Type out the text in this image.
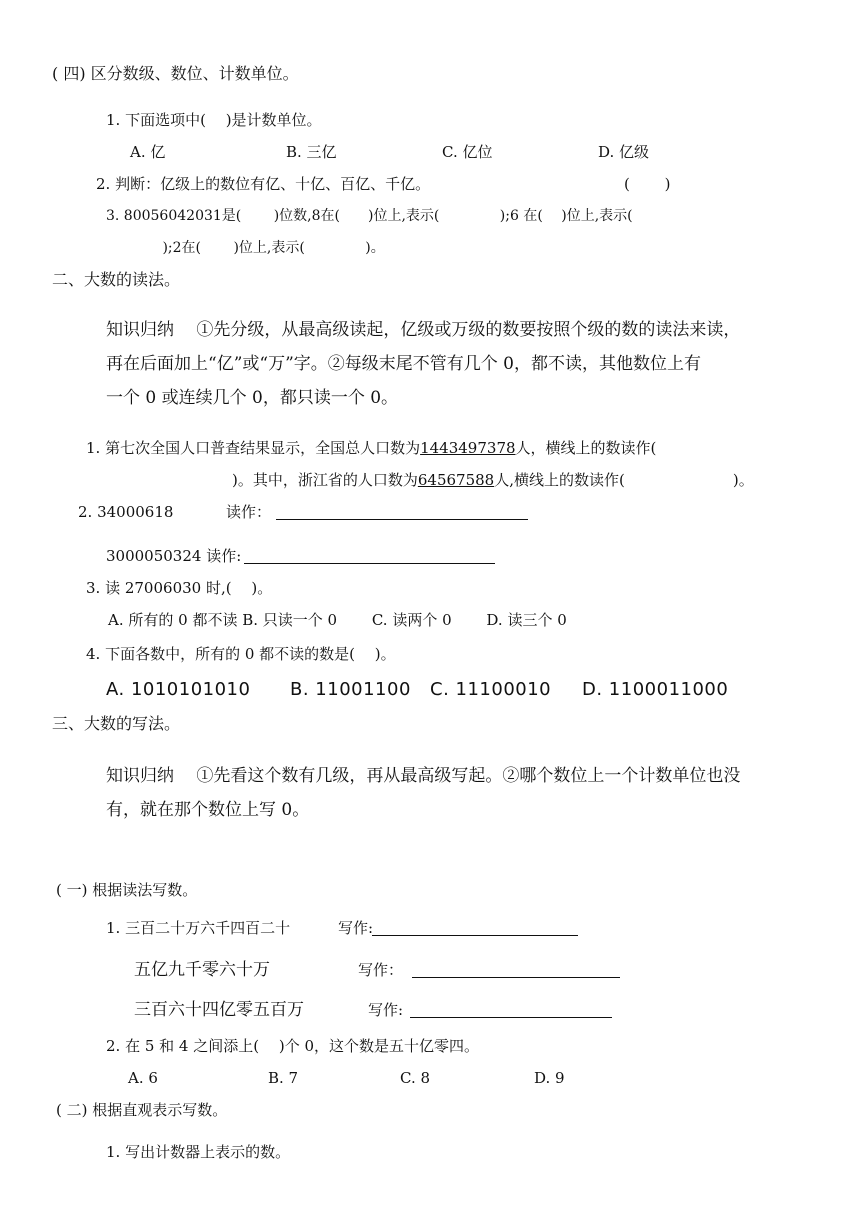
( 四) 区分数级、数位、计数单位。
1. 下面选项中(　 )是计数单位。
A. 亿	B. 三亿	C. 亿位	D. 亿级
2. 判断：亿级上的数位有亿、十亿、百亿、千亿。	(　　 )
3. 80056042031是(　　 )位数,8在(　　)位上,表示(　　　　 );6 在(　 )位上,表示(
　 );2在(　　 )位上,表示(　　　　 )。
二、大数的读法。
知识归纳　 ①先分级，从最高级读起，亿级或万级的数要按照个级的数的读法来读，
再在后面加上“亿”或“万”字。②每级末尾不管有几个 0，都不读，其他数位上有
一个 0 或连续几个 0，都只读一个 0。
1. 第七次全国人口普查结果显示，全国总人口数为1443497378人，横线上的数读作(
)。其中，浙江省的人口数为64567588人,横线上的数读作(	)。
2. 34000618	读作：
3000050324 读作:
3. 读 27006030 时,(　 )。
A. 所有的 0 都不读 B. 只读一个 0　　 C. 读两个 0　　 D. 读三个 0
4. 下面各数中，所有的 0 都不读的数是(　 )。
A. 1010101010 B. 11001100 C. 11100010 D. 1100011000
三、大数的写法。
知识归纳　 ①先看这个数有几级，再从最高级写起。②哪个数位上一个计数单位也没
有，就在那个数位上写 0。
( 一) 根据读法写数。
1. 三百二十万六千四百二十	写作:
五亿九千零六十万	写作：
三百六十四亿零五百万	写作:
2. 在 5 和 4 之间添上(　 )个 0，这个数是五十亿零四。
A. 6	B. 7	C. 8	D. 9
( 二) 根据直观表示写数。
1. 写出计数器上表示的数。
